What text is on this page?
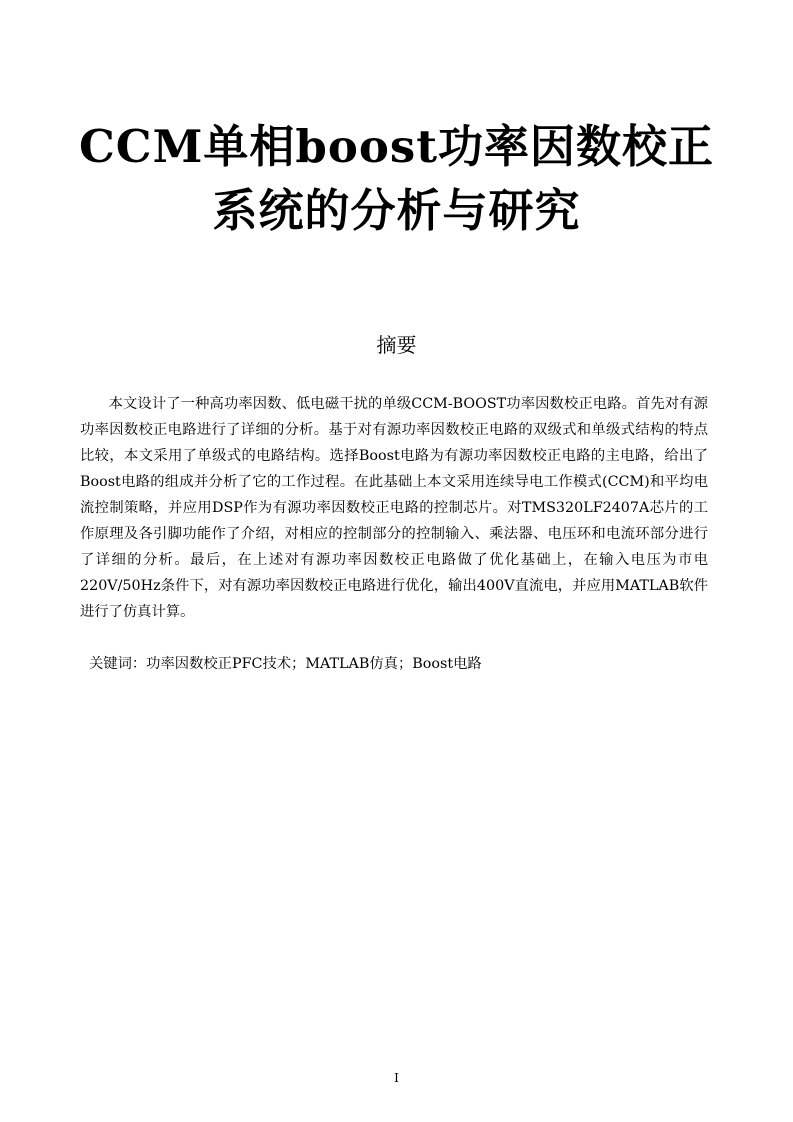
CCM单相boost功率因数校正
系统的分析与研究
摘要

本文设计了一种高功率因数、低电磁干扰的单级CCM-BOOST功率因数校正电路。首先对有源功率因数校正电路进行了详细的分析。基于对有源功率因数校正电路的双级式和单级式结构的特点比较，本文采用了单级式的电路结构。选择Boost电路为有源功率因数校正电路的主电路，给出了Boost电路的组成并分析了它的工作过程。在此基础上本文采用连续导电工作模式(CCM)和平均电流控制策略，并应用DSP作为有源功率因数校正电路的控制芯片。对TMS320LF2407A芯片的工作原理及各引脚功能作了介绍，对相应的控制部分的控制输入、乘法器、电压环和电流环部分进行了详细的分析。最后，在上述对有源功率因数校正电路做了优化基础上，在输入电压为市电220V/50Hz条件下，对有源功率因数校正电路进行优化，输出400V直流电，并应用MATLAB软件进行了仿真计算。

关键词：功率因数校正PFC技术；MATLAB仿真；Boost电路
I
